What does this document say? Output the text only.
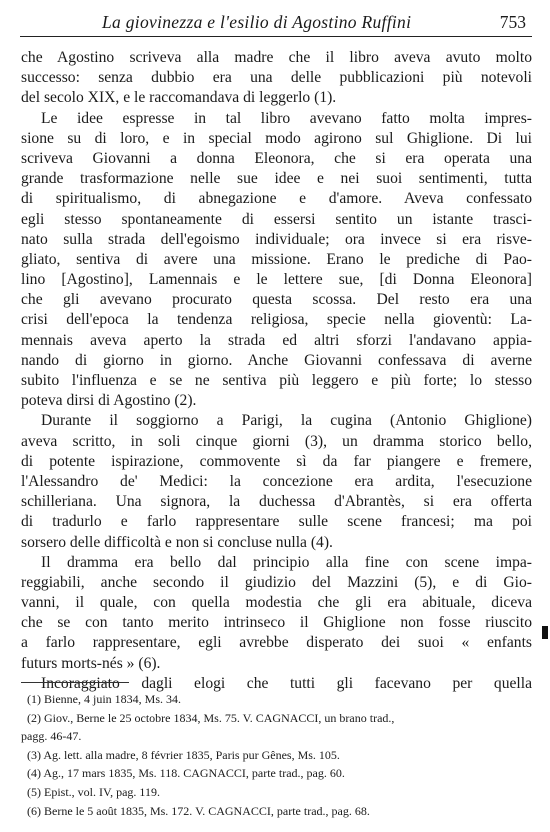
La giovinezza e l'esilio di Agostino Ruffini	753
che Agostino scriveva alla madre che il libro aveva avuto molto
successo: senza dubbio era una delle pubblicazioni più notevoli
del secolo XIX, e le raccomandava di leggerlo (1).
Le idee espresse in tal libro avevano fatto molta impres-
sione su di loro, e in special modo agirono sul Ghiglione. Di lui
scriveva Giovanni a donna Eleonora, che si era operata una
grande trasformazione nelle sue idee e nei suoi sentimenti, tutta
di spiritualismo, di abnegazione e d'amore. Aveva confessato
egli stesso spontaneamente di essersi sentito un istante trasci-
nato sulla strada dell'egoismo individuale; ora invece si era risve-
gliato, sentiva di avere una missione. Erano le prediche di Pao-
lino [Agostino], Lamennais e le lettere sue, [di Donna Eleonora]
che gli avevano procurato questa scossa. Del resto era una
crisi dell'epoca la tendenza religiosa, specie nella gioventù: La-
mennais aveva aperto la strada ed altri sforzi l'andavano appia-
nando di giorno in giorno. Anche Giovanni confessava di averne
subito l'influenza e se ne sentiva più leggero e più forte; lo stesso
poteva dirsi di Agostino (2).
Durante il soggiorno a Parigi, la cugina (Antonio Ghiglione)
aveva scritto, in soli cinque giorni (3), un dramma storico bello,
di potente ispirazione, commovente sì da far piangere e fremere,
l'Alessandro de' Medici: la concezione era ardita, l'esecuzione
schilleriana. Una signora, la duchessa d'Abrantès, si era offerta
di tradurlo e farlo rappresentare sulle scene francesi; ma poi
sorsero delle difficoltà e non si concluse nulla (4).
Il dramma era bello dal principio alla fine con scene impa-
reggiabili, anche secondo il giudizio del Mazzini (5), e di Gio-
vanni, il quale, con quella modestia che gli era abituale, diceva
che se con tanto merito intrinseco il Ghiglione non fosse riuscito
a farlo rappresentare, egli avrebbe disperato dei suoi « enfants
futurs morts-nés » (6).
Incoraggiato dagli elogi che tutti gli facevano per quella
(1) Bienne, 4 juin 1834, Ms. 34.
(2) Giov., Berne le 25 octobre 1834, Ms. 75. V. CAGNACCI, un brano trad.,
pagg. 46-47.
(3) Ag. lett. alla madre, 8 février 1835, Paris pur Gênes, Ms. 105.
(4) Ag., 17 mars 1835, Ms. 118. CAGNACCI, parte trad., pag. 60.
(5) Epist., vol. IV, pag. 119.
(6) Berne le 5 août 1835, Ms. 172. V. CAGNACCI, parte trad., pag. 68.
